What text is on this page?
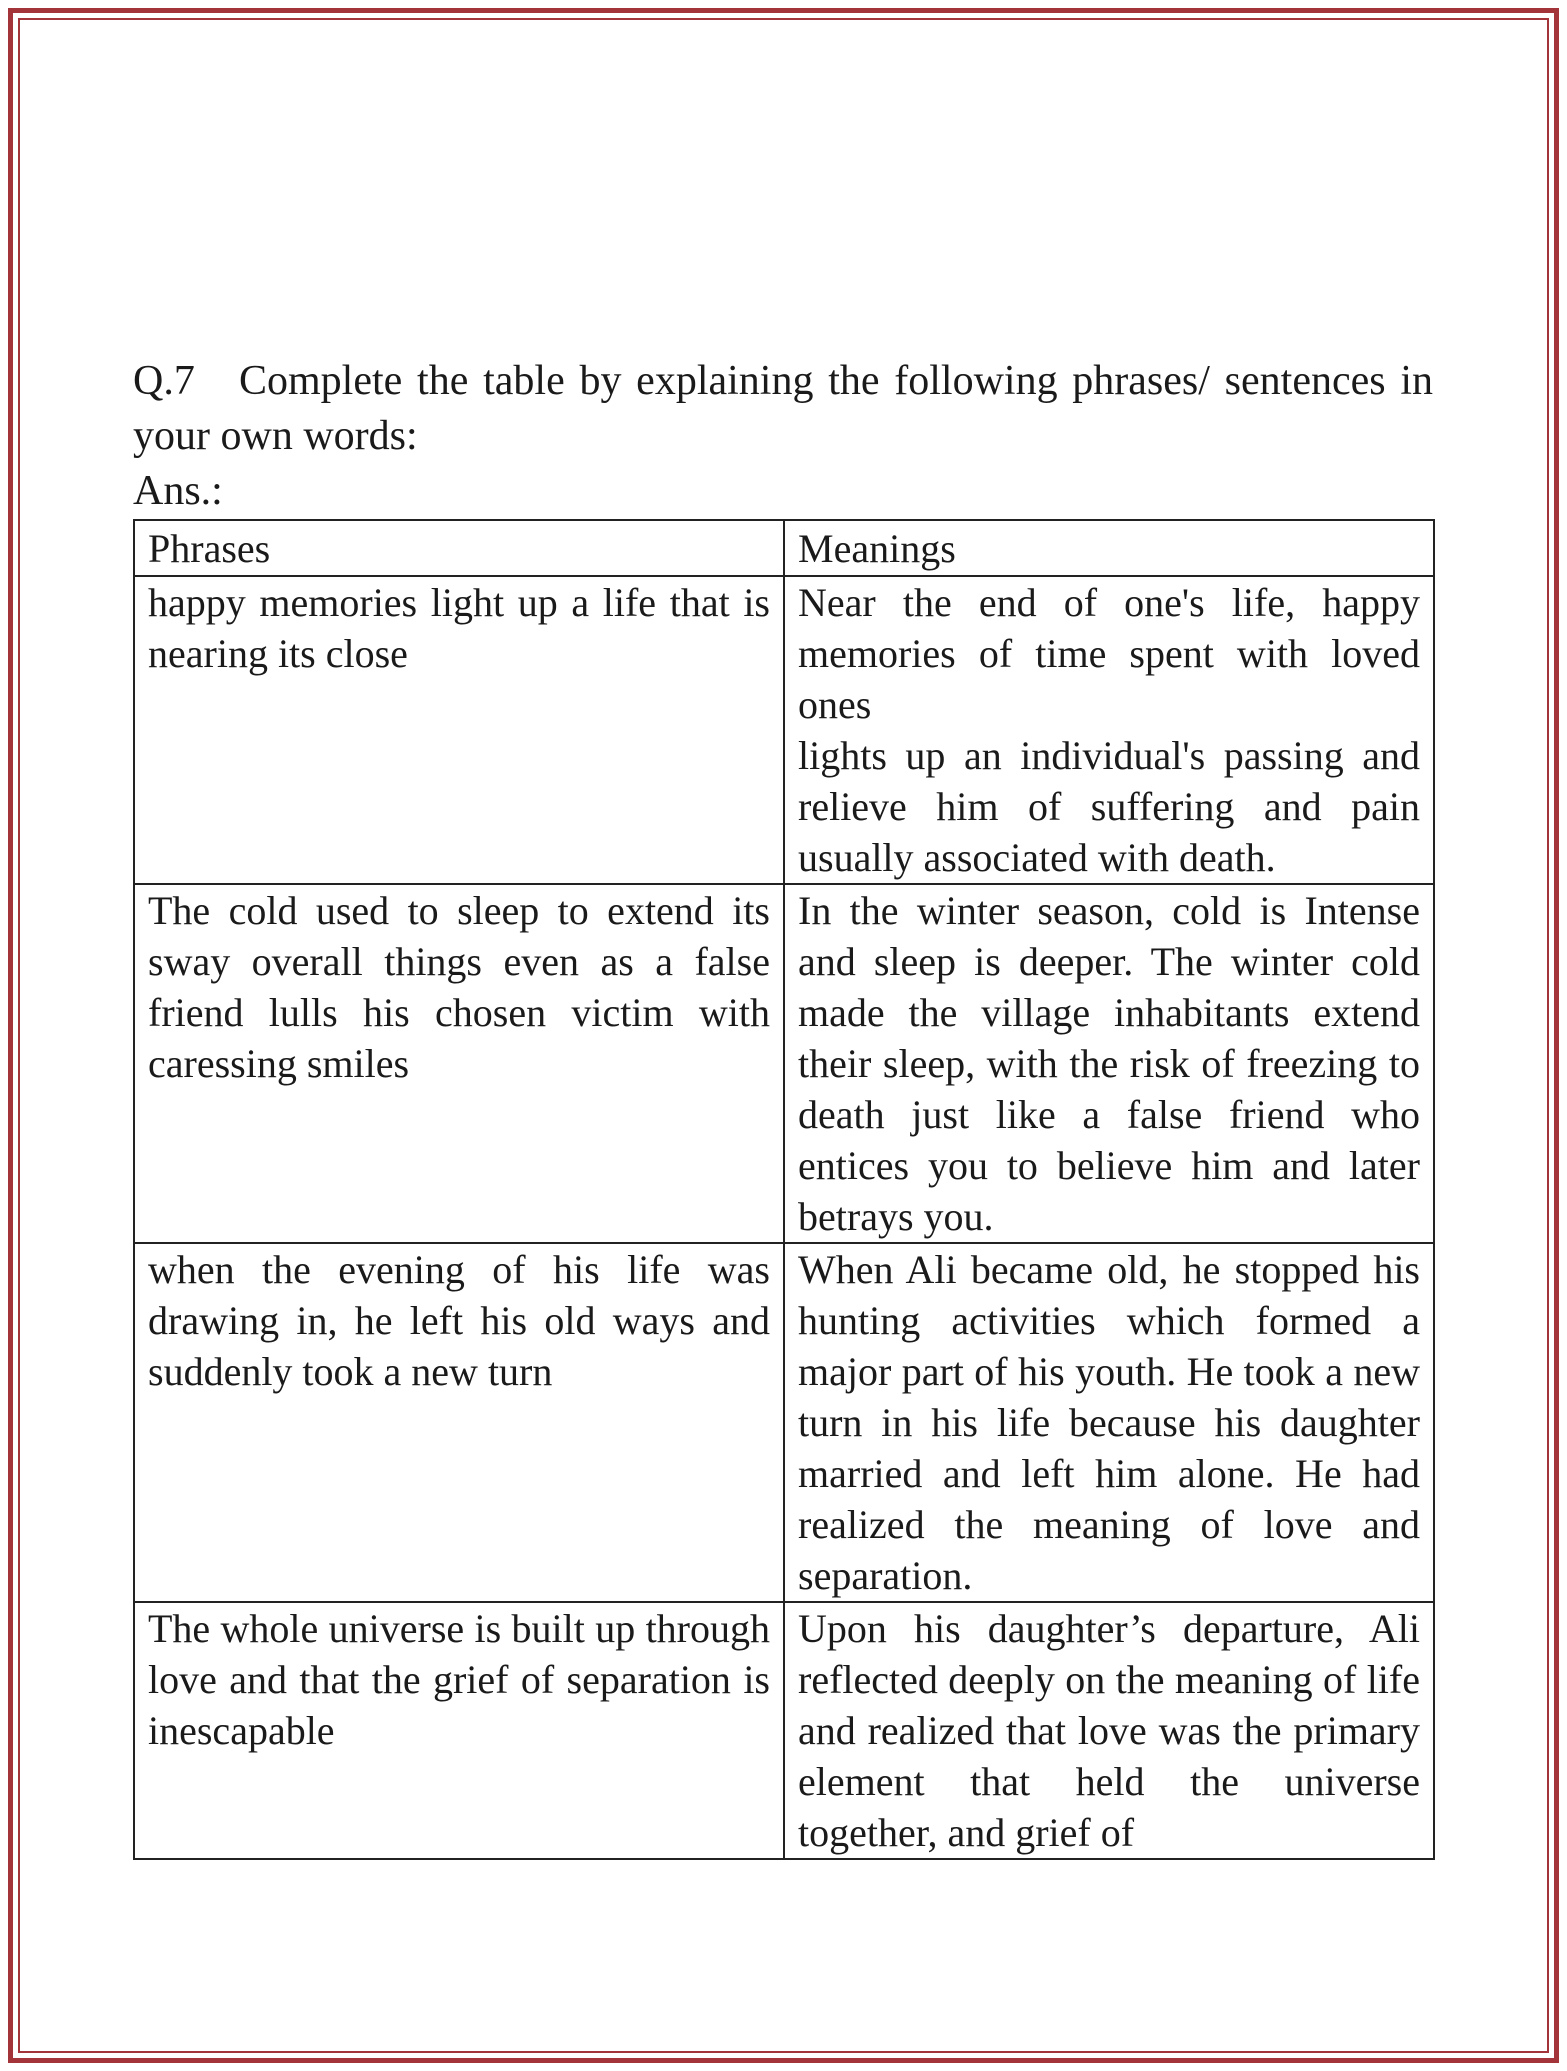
Q.7 Complete the table by explaining the following phrases/ sentences in your own words:

Ans.:

Phrases	Meanings
happy memories light up a life that is nearing its close	Near the end of one's life, happy memories of time spent with loved ones
lights up an individual's passing and relieve him of suffering and pain usually associated with death.

The cold used to sleep to extend its sway overall things even as a false friend lulls his chosen victim with caressing smiles	In the winter season, cold is Intense and sleep is deeper. The winter cold made the village inhabitants extend their sleep, with the risk of freezing to death just like a false friend who entices you to believe him and later betrays you.

when the evening of his life was drawing in, he left his old ways and suddenly took a new turn	When Ali became old, he stopped his hunting activities which formed a major part of his youth. He took a new turn in his life because his daughter married and left him alone. He had realized the meaning of love and separation.

The whole universe is built up through love and that the grief of separation is inescapable	Upon his daughter’s departure, Ali reflected deeply on the meaning of life and realized that love was the primary element that held the universe together, and grief of
